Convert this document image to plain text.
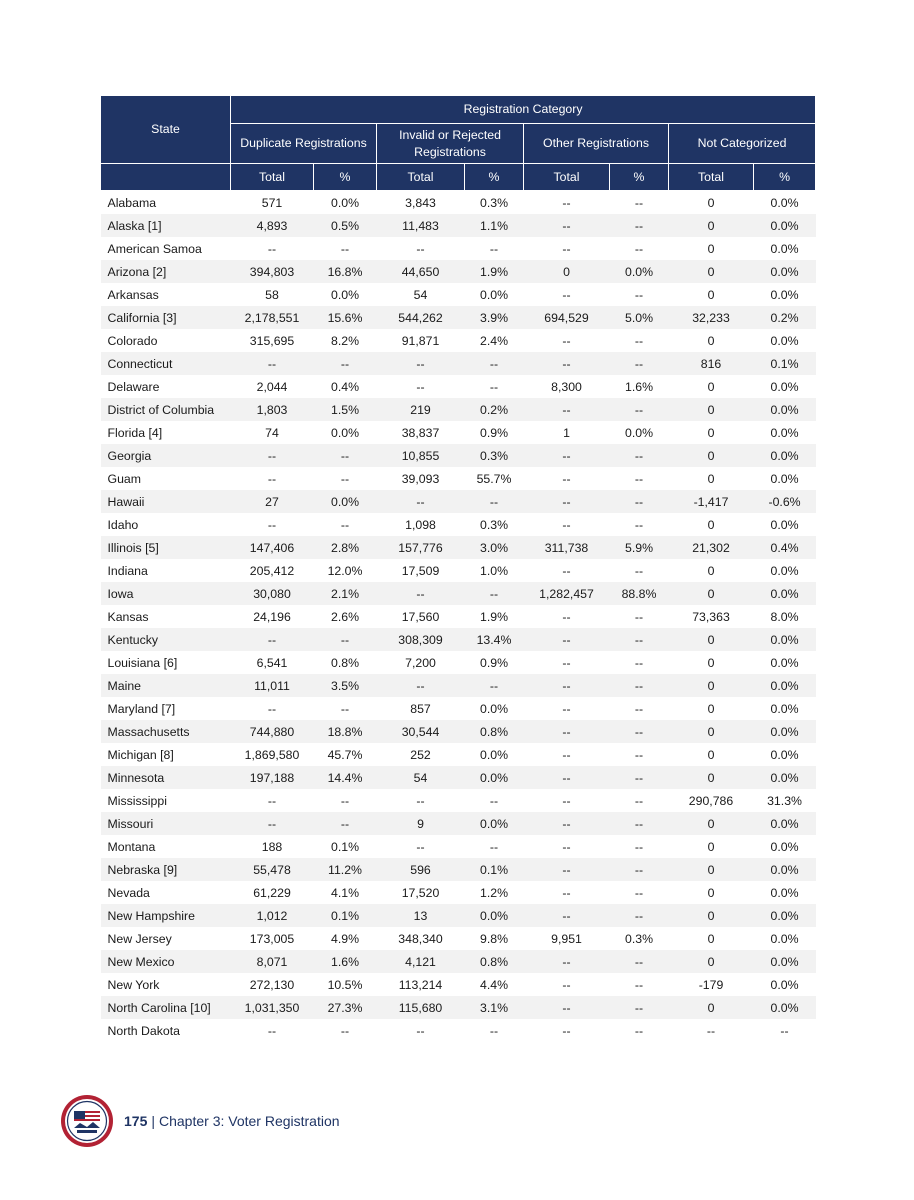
State	Registration Category							
	Duplicate Registrations		Invalid or Rejected Registrations		Other Registrations		Not Categorized	
	Total	%	Total	%	Total	%	Total	%
Alabama	571	0.0%	3,843	0.3%	--	--	0	0.0%
Alaska [1]	4,893	0.5%	11,483	1.1%	--	--	0	0.0%
American Samoa	--	--	--	--	--	--	0	0.0%
Arizona [2]	394,803	16.8%	44,650	1.9%	0	0.0%	0	0.0%
Arkansas	58	0.0%	54	0.0%	--	--	0	0.0%
California [3]	2,178,551	15.6%	544,262	3.9%	694,529	5.0%	32,233	0.2%
Colorado	315,695	8.2%	91,871	2.4%	--	--	0	0.0%
Connecticut	--	--	--	--	--	--	816	0.1%
Delaware	2,044	0.4%	--	--	8,300	1.6%	0	0.0%
District of Columbia	1,803	1.5%	219	0.2%	--	--	0	0.0%
Florida [4]	74	0.0%	38,837	0.9%	1	0.0%	0	0.0%
Georgia	--	--	10,855	0.3%	--	--	0	0.0%
Guam	--	--	39,093	55.7%	--	--	0	0.0%
Hawaii	27	0.0%	--	--	--	--	-1,417	-0.6%
Idaho	--	--	1,098	0.3%	--	--	0	0.0%
Illinois [5]	147,406	2.8%	157,776	3.0%	311,738	5.9%	21,302	0.4%
Indiana	205,412	12.0%	17,509	1.0%	--	--	0	0.0%
Iowa	30,080	2.1%	--	--	1,282,457	88.8%	0	0.0%
Kansas	24,196	2.6%	17,560	1.9%	--	--	73,363	8.0%
Kentucky	--	--	308,309	13.4%	--	--	0	0.0%
Louisiana [6]	6,541	0.8%	7,200	0.9%	--	--	0	0.0%
Maine	11,011	3.5%	--	--	--	--	0	0.0%
Maryland [7]	--	--	857	0.0%	--	--	0	0.0%
Massachusetts	744,880	18.8%	30,544	0.8%	--	--	0	0.0%
Michigan [8]	1,869,580	45.7%	252	0.0%	--	--	0	0.0%
Minnesota	197,188	14.4%	54	0.0%	--	--	0	0.0%
Mississippi	--	--	--	--	--	--	290,786	31.3%
Missouri	--	--	9	0.0%	--	--	0	0.0%
Montana	188	0.1%	--	--	--	--	0	0.0%
Nebraska [9]	55,478	11.2%	596	0.1%	--	--	0	0.0%
Nevada	61,229	4.1%	17,520	1.2%	--	--	0	0.0%
New Hampshire	1,012	0.1%	13	0.0%	--	--	0	0.0%
New Jersey	173,005	4.9%	348,340	9.8%	9,951	0.3%	0	0.0%
New Mexico	8,071	1.6%	4,121	0.8%	--	--	0	0.0%
New York	272,130	10.5%	113,214	4.4%	--	--	-179	0.0%
North Carolina [10]	1,031,350	27.3%	115,680	3.1%	--	--	0	0.0%
North Dakota	--	--	--	--	--	--	--	--
175 | Chapter 3: Voter Registration
